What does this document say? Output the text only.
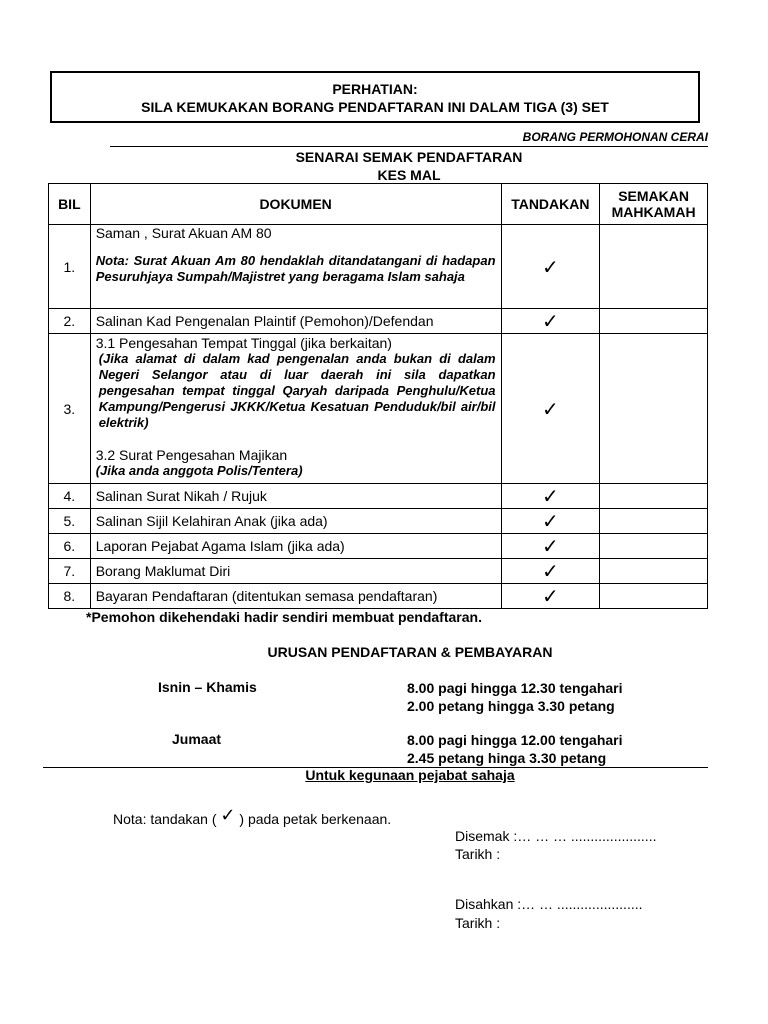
PERHATIAN:
SILA KEMUKAKAN BORANG PENDAFTARAN INI DALAM TIGA (3) SET
BORANG PERMOHONAN CERAI
SENARAI SEMAK PENDAFTARAN
KES MAL
BIL	DOKUMEN	TANDAKAN	SEMAKAN
MAHKAMAH

1.	Saman , Surat Akuan AM 80
Nota: Surat Akuan Am 80 hendaklah ditandatangani di hadapan Pesuruhjaya Sumpah/Majistret yang beragama Islam sahaja	✓	
2.	Salinan Kad Pengenalan Plaintif (Pemohon)/Defendan	✓	
3.	3.1 Pengesahan Tempat Tinggal (jika berkaitan)
(Jika alamat di dalam kad pengenalan anda bukan di dalam Negeri Selangor atau di luar daerah ini sila dapatkan pengesahan tempat tinggal Qaryah daripada Penghulu/Ketua Kampung/Pengerusi JKKK/Ketua Kesatuan Penduduk/bil air/bil elektrik)
3.2 Surat Pengesahan Majikan
(Jika anda anggota Polis/Tentera)	✓	
4.	Salinan Surat Nikah / Rujuk	✓	
5.	Salinan Sijil Kelahiran Anak (jika ada)	✓	
6.	Laporan Pejabat Agama Islam (jika ada)	✓	
7.	Borang Maklumat Diri	✓	
8.	Bayaran Pendaftaran (ditentukan semasa pendaftaran)	✓	
*Pemohon dikehendaki hadir sendiri membuat pendaftaran.
URUSAN PENDAFTARAN & PEMBAYARAN
Isnin – Khamis	8.00 pagi hingga 12.30 tengahari
2.00 petang hingga 3.30 petang
Jumaat	8.00 pagi hingga 12.00 tengahari
2.45 petang hinga 3.30 petang
Untuk kegunaan pejabat sahaja
Nota: tandakan ( ✓ ) pada petak berkenaan.
Disemak :… … … ......................
Tarikh :
Disahkan :… … ......................
Tarikh :
